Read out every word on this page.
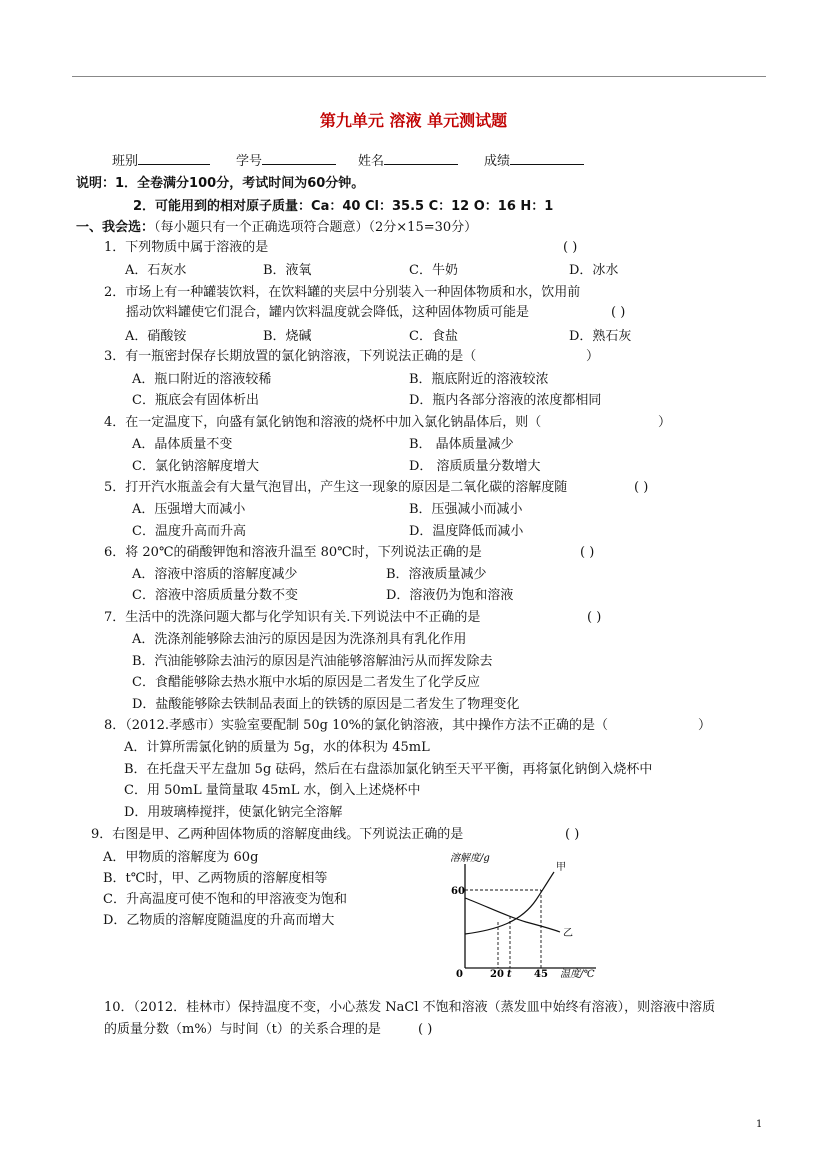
第九单元 溶液 单元测试题
班别	学号	姓名	成绩
说明：1．全卷满分100分，考试时间为60分钟。
2．可能用到的相对原子质量：Ca：40 Cl：35.5 C：12 O：16 H：1
一、我会选：（每小题只有一个正确选项符合题意）（2分×15=30分）
1．下列物质中属于溶液的是	( )
A．石灰水	B．液氧	C．牛奶	D．冰水
2．市场上有一种罐装饮料，在饮料罐的夹层中分别装入一种固体物质和水，饮用前
摇动饮料罐使它们混合，罐内饮料温度就会降低，这种固体物质可能是	( )
A．硝酸铵	B．烧碱	C．食盐	D．熟石灰
3．有一瓶密封保存长期放置的氯化钠溶液，下列说法正确的是（	）
A．瓶口附近的溶液较稀	B．瓶底附近的溶液较浓
C．瓶底会有固体析出	D．瓶内各部分溶液的浓度都相同
4．在一定温度下，向盛有氯化钠饱和溶液的烧杯中加入氯化钠晶体后，则（	）
A．晶体质量不变	B． 晶体质量减少
C．氯化钠溶解度增大	D． 溶质质量分数增大
5．打开汽水瓶盖会有大量气泡冒出，产生这一现象的原因是二氧化碳的溶解度随	( )
A．压强增大而减小	B．压强减小而减小
C．温度升高而升高	D．温度降低而减小
6．将 20℃的硝酸钾饱和溶液升温至 80℃时，下列说法正确的是	( )
A．溶液中溶质的溶解度减少	B．溶液质量减少
C．溶液中溶质质量分数不变	D．溶液仍为饱和溶液
7．生活中的洗涤问题大都与化学知识有关.下列说法中不正确的是	( )
A．洗涤剂能够除去油污的原因是因为洗涤剂具有乳化作用
B．汽油能够除去油污的原因是汽油能够溶解油污从而挥发除去
C．食醋能够除去热水瓶中水垢的原因是二者发生了化学反应
D．盐酸能够除去铁制品表面上的铁锈的原因是二者发生了物理变化
8．（2012.孝感市）实验室要配制 50g 10%的氯化钠溶液，其中操作方法不正确的是（	）
A．计算所需氯化钠的质量为 5g，水的体积为 45mL
B．在托盘天平左盘加 5g 砝码，然后在右盘添加氯化钠至天平平衡，再将氯化钠倒入烧杯中
C．用 50mL 量筒量取 45mL 水，倒入上述烧杯中
D．用玻璃棒搅拌，使氯化钠完全溶解
9．右图是甲、乙两种固体物质的溶解度曲线。下列说法正确的是	( )
A．甲物质的溶解度为 60g
B．t℃时，甲、乙两物质的溶解度相等
C．升高温度可使不饱和的甲溶液变为饱和
D．乙物质的溶解度随温度的升高而增大
溶解度/g
甲
乙
60
0	20 t 45 温度/℃
10．（2012．桂林市）保持温度不变，小心蒸发 NaCl 不饱和溶液（蒸发皿中始终有溶液），则溶液中溶质
的质量分数（m%）与时间（t）的关系合理的是	( )
1
